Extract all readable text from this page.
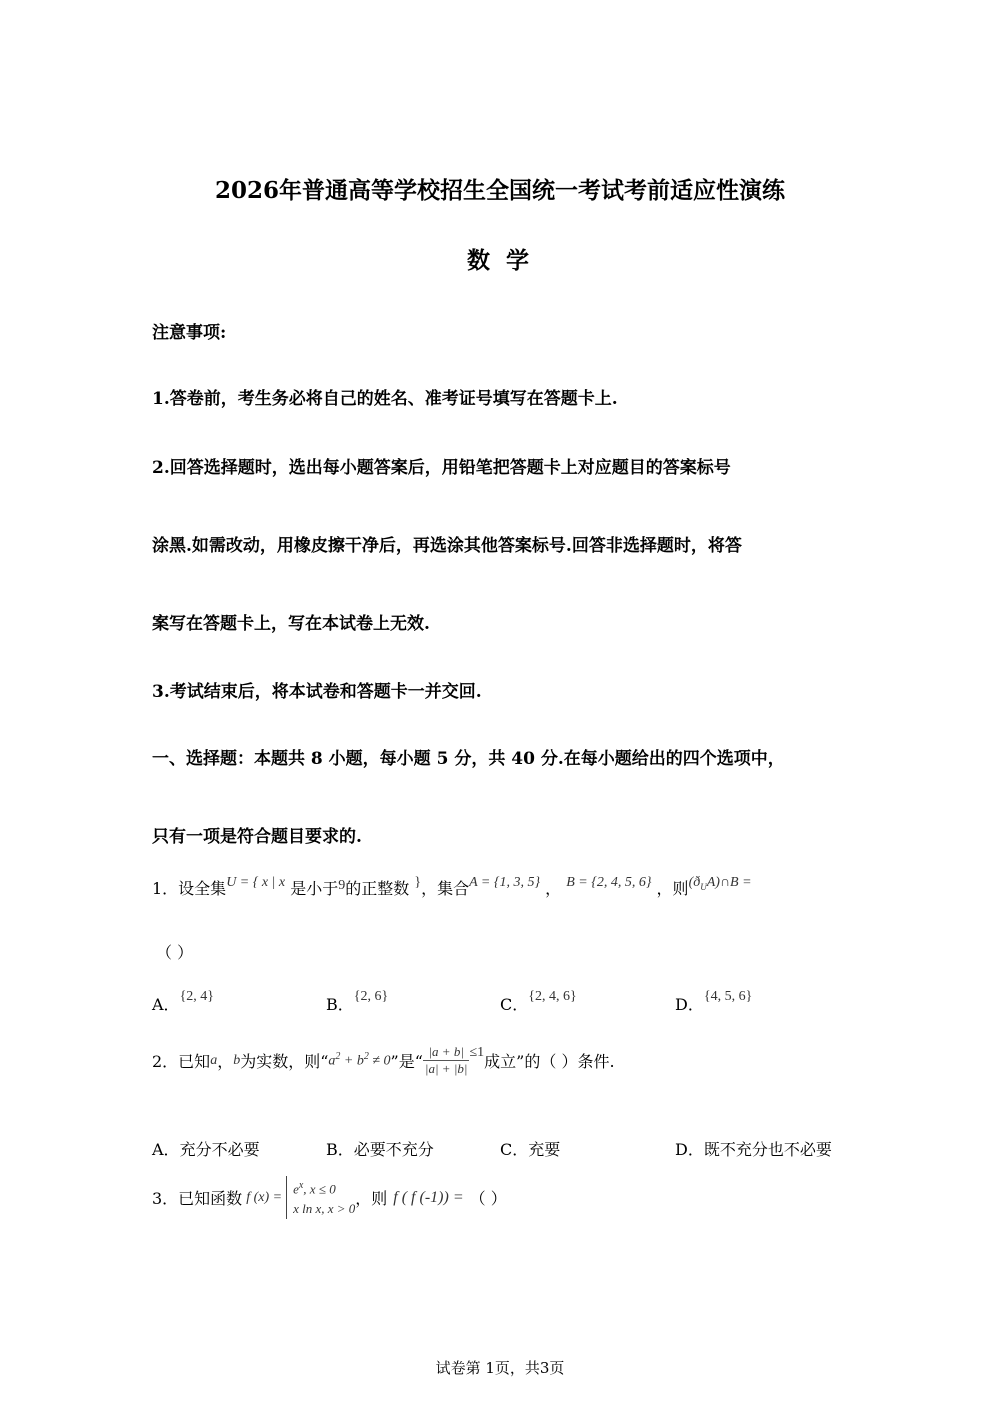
2026年普通高等学校招生全国统一考试考前适应性演练
数 学
注意事项:
1.答卷前，考生务必将自己的姓名、准考证号填写在答题卡上.
2.回答选择题时，选出每小题答案后，用铅笔把答题卡上对应题目的答案标号
涂黑.如需改动，用橡皮擦干净后，再选涂其他答案标号.回答非选择题时，将答
案写在答题卡上，写在本试卷上无效.
3.考试结束后，将本试卷和答题卡一并交回.
一、选择题：本题共 8 小题，每小题 5 分，共 40 分.在每小题给出的四个选项中，
只有一项是符合题目要求的.
1．设全集U = { x | x 是小于9的正整数 }，集合A = {1, 3, 5} ， B = {2, 4, 5, 6} ，则$(ð_UA)\cap B$ =
（ ）
A．{2, 4}	B．{2, 6}	C．{2, 4, 6}	D．{4, 5, 6}
2．已知 a ， b 为实数，则“ $a^2 + b^2 \ne 0$ ”是“ $\frac{|a + b|}{|a| + |b|} \le 1$ 成立”的（ ）条件.
A．充分不必要	B．必要不充分	C．充要	D．既不充分也不必要
3．已知函数 f (x) =
$e^x$, x ≤ 0
x ln x, x > 0
，则 f ( f (-1)) = （ ）
试卷第 1页，共3页
